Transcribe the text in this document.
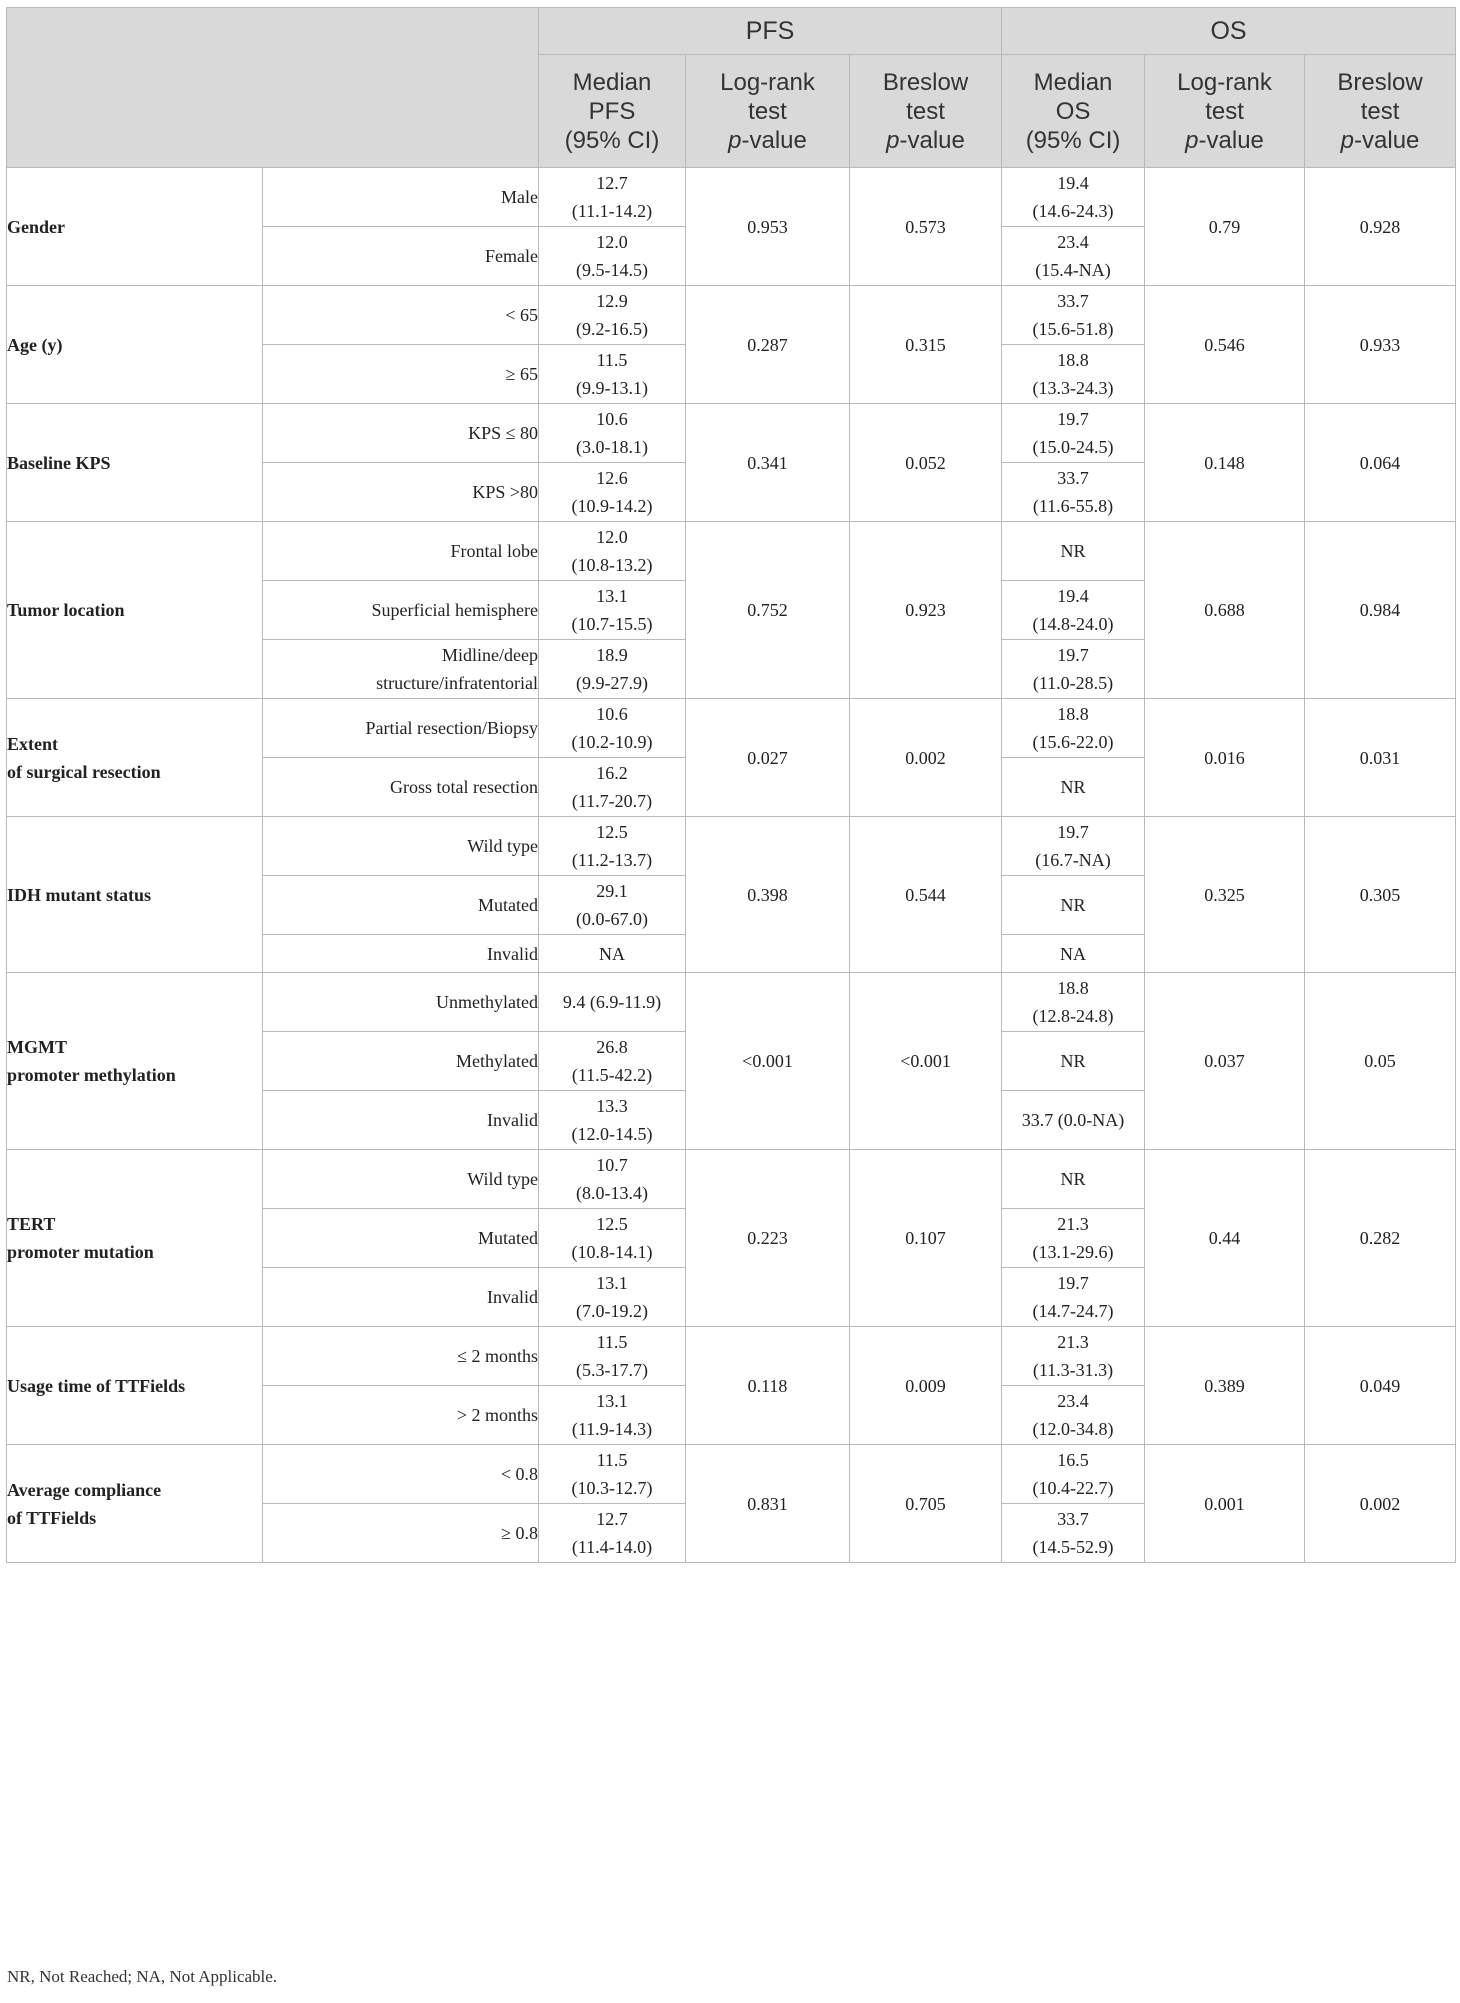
		PFS			OS		

		Median
PFS
(95% CI)	Log-rank
test
p-value	Breslow
test
p-value	Median
OS
(95% CI)	Log-rank
test
p-value	Breslow
test
p-value

Gender	Male	12.7
(11.1-14.2)	0.953	0.573	19.4
(14.6-24.3)	0.79	0.928

	Female	12.0
(9.5-14.5)			23.4
(15.4-NA)		

Age (y)	< 65	12.9
(9.2-16.5)	0.287	0.315	33.7
(15.6-51.8)	0.546	0.933

	≥ 65	11.5
(9.9-13.1)			18.8
(13.3-24.3)		

Baseline KPS	KPS ≤ 80	10.6
(3.0-18.1)	0.341	0.052	19.7
(15.0-24.5)	0.148	0.064

	KPS >80	12.6
(10.9-14.2)			33.7
(11.6-55.8)		

Tumor location	Frontal lobe	12.0
(10.8-13.2)	0.752	0.923	NR	0.688	0.984

	Superficial hemisphere	13.1
(10.7-15.5)			19.4
(14.8-24.0)		

	Midline/deep
structure/infratentorial	18.9
(9.9-27.9)			19.7
(11.0-28.5)		

Extent
of surgical resection	Partial resection/Biopsy	10.6
(10.2-10.9)	0.027	0.002	18.8
(15.6-22.0)	0.016	0.031

	Gross total resection	16.2
(11.7-20.7)			NR		

IDH mutant status	Wild type	12.5
(11.2-13.7)	0.398	0.544	19.7
(16.7-NA)	0.325	0.305

	Mutated	29.1
(0.0-67.0)			NR		

	Invalid	NA			NA		

MGMT
promoter methylation	Unmethylated	9.4 (6.9-11.9)	<0.001	<0.001	18.8
(12.8-24.8)	0.037	0.05

	Methylated	26.8
(11.5-42.2)			NR		

	Invalid	13.3
(12.0-14.5)			33.7 (0.0-NA)		

TERT
promoter mutation	Wild type	10.7
(8.0-13.4)	0.223	0.107	NR	0.44	0.282

	Mutated	12.5
(10.8-14.1)			21.3
(13.1-29.6)		

	Invalid	13.1
(7.0-19.2)			19.7
(14.7-24.7)		

Usage time of TTFields	≤ 2 months	11.5
(5.3-17.7)	0.118	0.009	21.3
(11.3-31.3)	0.389	0.049

	> 2 months	13.1
(11.9-14.3)			23.4
(12.0-34.8)		

Average compliance
of TTFields	< 0.8	11.5
(10.3-12.7)	0.831	0.705	16.5
(10.4-22.7)	0.001	0.002

	≥ 0.8	12.7
(11.4-14.0)			33.7
(14.5-52.9)		
NR, Not Reached; NA, Not Applicable.
